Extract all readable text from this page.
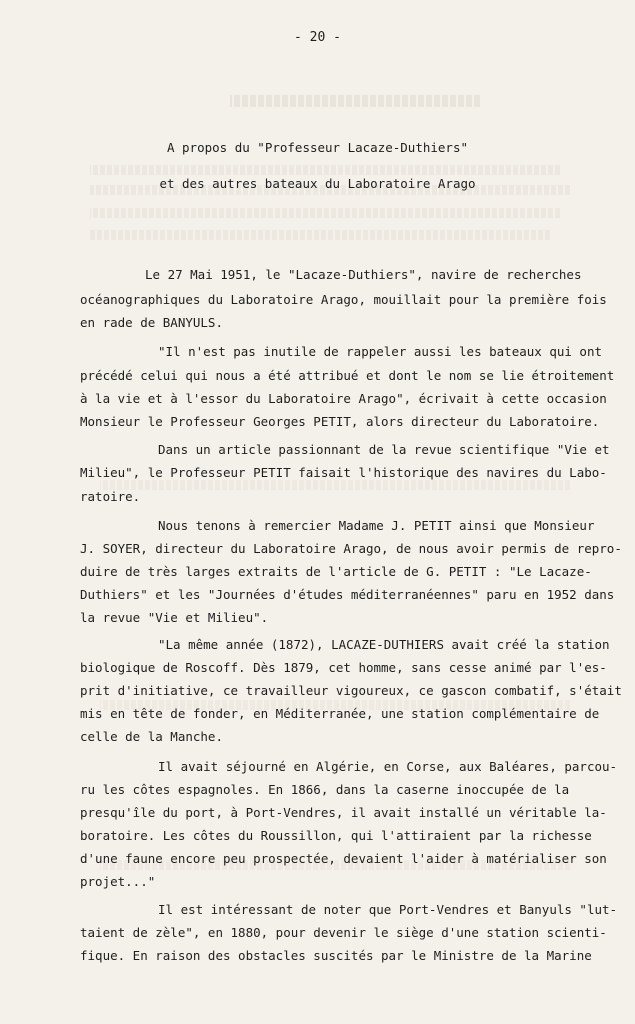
- 20 -
A propos du "Professeur Lacaze-Duthiers"
et des autres bateaux du Laboratoire Arago
Le 27 Mai 1951, le "Lacaze-Duthiers", navire de recherches
océanographiques du Laboratoire Arago, mouillait pour la première fois
en rade de BANYULS.
"Il n'est pas inutile de rappeler aussi les bateaux qui ont
précédé celui qui nous a été attribué et dont le nom se lie étroitement
à la vie et à l'essor du Laboratoire Arago", écrivait à cette occasion
Monsieur le Professeur Georges PETIT, alors directeur du Laboratoire.
Dans un article passionnant de la revue scientifique "Vie et
Milieu", le Professeur PETIT faisait l'historique des navires du Labo-
ratoire.
Nous tenons à remercier Madame J. PETIT ainsi que Monsieur
J. SOYER, directeur du Laboratoire Arago, de nous avoir permis de repro-
duire de très larges extraits de l'article de G. PETIT : "Le Lacaze-
Duthiers" et les "Journées d'études méditerranéennes" paru en 1952 dans
la revue "Vie et Milieu".
"La même année (1872), LACAZE-DUTHIERS avait créé la station
biologique de Roscoff. Dès 1879, cet homme, sans cesse animé par l'es-
prit d'initiative, ce travailleur vigoureux, ce gascon combatif, s'était
mis en tête de fonder, en Méditerranée, une station complémentaire de
celle de la Manche.
Il avait séjourné en Algérie, en Corse, aux Baléares, parcou-
ru les côtes espagnoles. En 1866, dans la caserne inoccupée de la
presqu'île du port, à Port-Vendres, il avait installé un véritable la-
boratoire. Les côtes du Roussillon, qui l'attiraient par la richesse
d'une faune encore peu prospectée, devaient l'aider à matérialiser son
projet..."
Il est intéressant de noter que Port-Vendres et Banyuls "lut-
taient de zèle", en 1880, pour devenir le siège d'une station scienti-
fique. En raison des obstacles suscités par le Ministre de la Marine
